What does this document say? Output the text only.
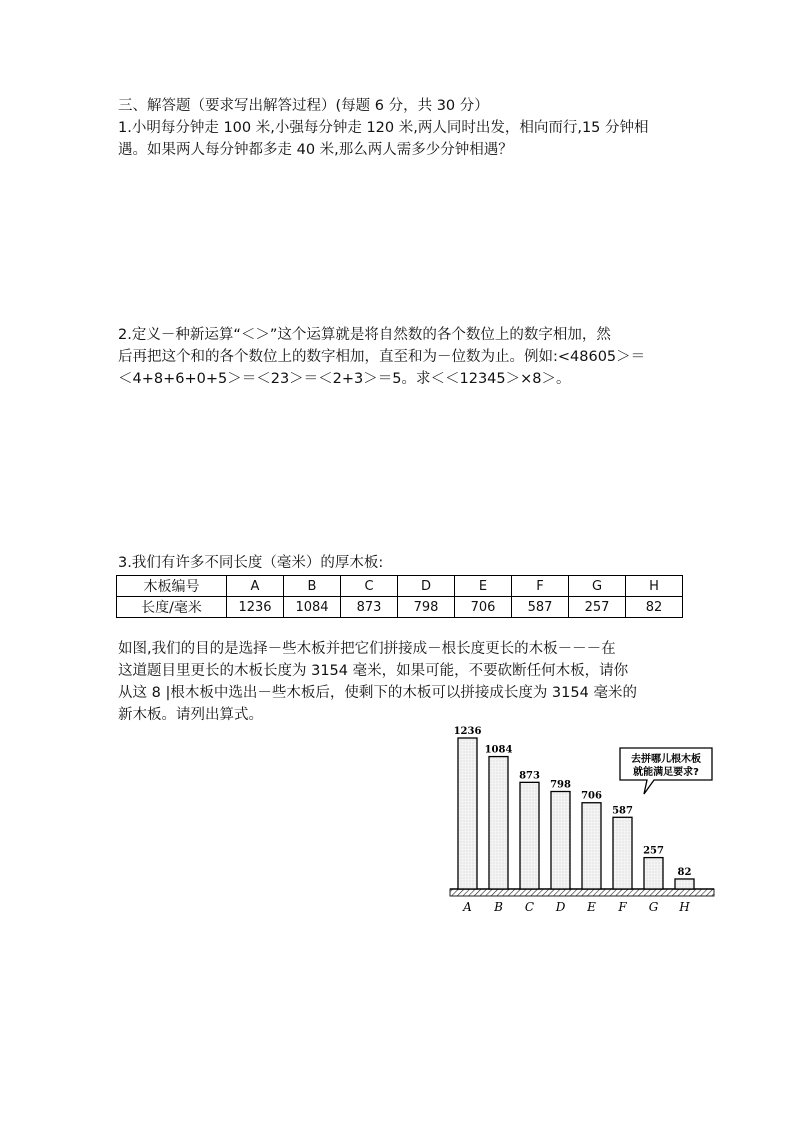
三、解答题（要求写出解答过程）(每题 6 分，共 30 分）
1.小明每分钟走 100 米,小强每分钟走 120 米,两人同时出发，相向而行,15 分钟相
遇。如果两人每分钟都多走 40 米,那么两人需多少分钟相遇？
2.定义－种新运算“＜＞”这个运算就是将自然数的各个数位上的数字相加，然
后再把这个和的各个数位上的数字相加，直至和为－位数为止。例如:<48605＞＝
＜4+8+6+0+5＞＝＜23＞＝＜2+3＞＝5。求＜＜12345＞×8＞。
3.我们有许多不同长度（毫米）的厚木板:
木板编号	A	B	C	D	E	F	G	H
长度/毫米	1236	1084	873	798	706	587	257	82
如图,我们的目的是选择－些木板并把它们拼接成－根长度更长的木板－－－在
这道题目里更长的木板长度为 3154 毫米，如果可能，不要砍断任何木板，请你
从这 8 |根木板中选出－些木板后，使剩下的木板可以拼接成长度为 3154 毫米的
新木板。请列出算式。
1236
1084
873
798
706
587
257
82
A B C D E F G H
去拼哪儿根木板
就能满足要求?
